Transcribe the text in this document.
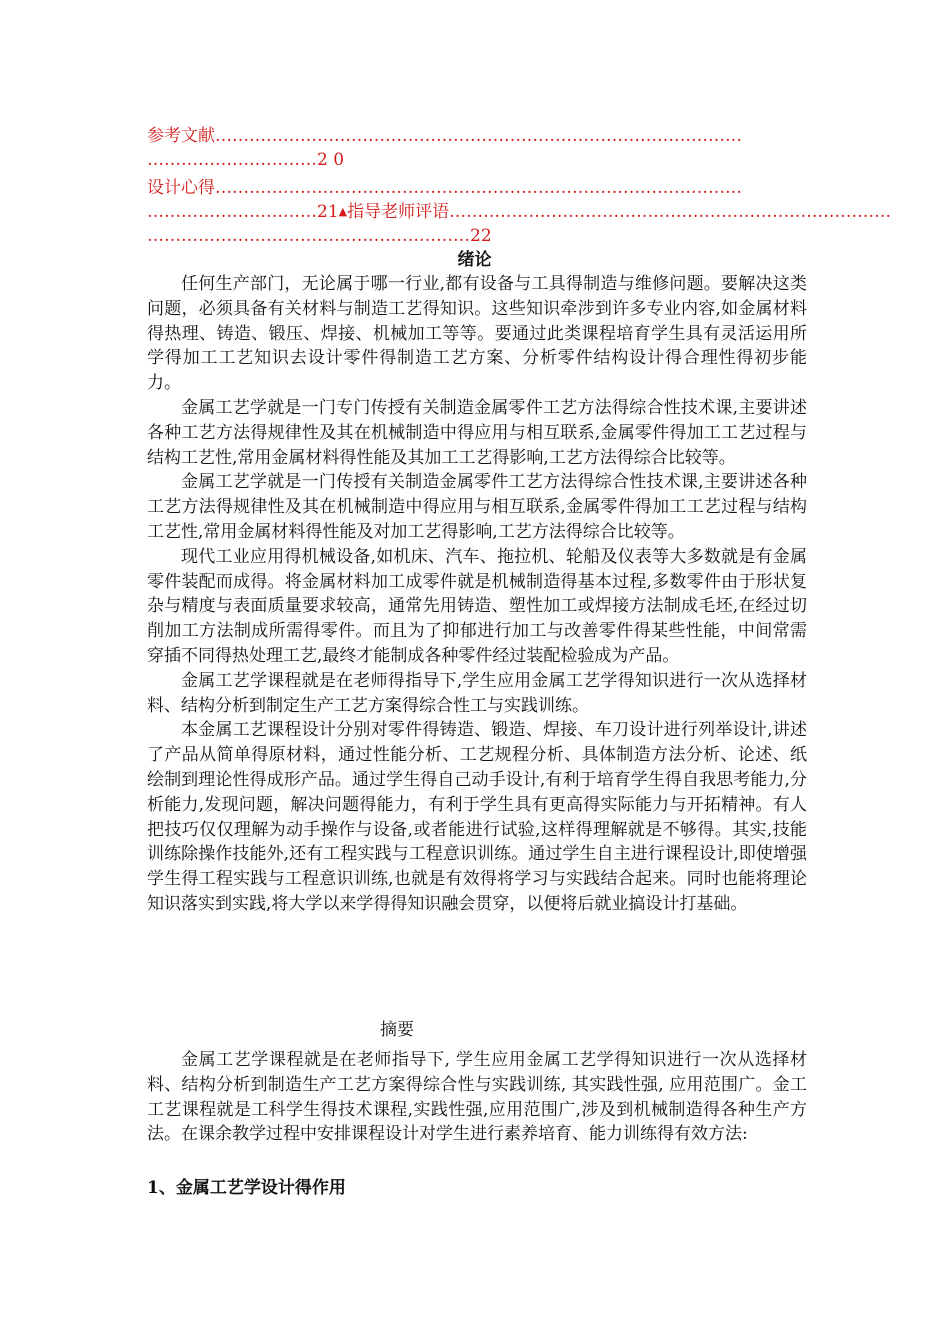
参考文献…………………………………………………………………………………
…………………………2 0
设计心得…………………………………………………………………………………
…………………………21▲指导老师评语……………………………………………………………………
…………………………………………………22
绪论

任何生产部门，无论属于哪一行业,都有设备与工具得制造与维修问题。要解决这类问题，必须具备有关材料与制造工艺得知识。这些知识牵涉到许多专业内容,如金属材料得热理、铸造、锻压、焊接、机械加工等等。要通过此类课程培育学生具有灵活运用所学得加工工艺知识去设计零件得制造工艺方案、分析零件结构设计得合理性得初步能力。

金属工艺学就是一门专门传授有关制造金属零件工艺方法得综合性技术课,主要讲述各种工艺方法得规律性及其在机械制造中得应用与相互联系,金属零件得加工工艺过程与结构工艺性,常用金属材料得性能及其加工工艺得影响,工艺方法得综合比较等。

金属工艺学就是一门传授有关制造金属零件工艺方法得综合性技术课,主要讲述各种工艺方法得规律性及其在机械制造中得应用与相互联系,金属零件得加工工艺过程与结构工艺性,常用金属材料得性能及对加工艺得影响,工艺方法得综合比较等。

现代工业应用得机械设备,如机床、汽车、拖拉机、轮船及仪表等大多数就是有金属零件装配而成得。将金属材料加工成零件就是机械制造得基本过程,多数零件由于形状复杂与精度与表面质量要求较高，通常先用铸造、塑性加工或焊接方法制成毛坯,在经过切削加工方法制成所需得零件。而且为了抑郁进行加工与改善零件得某些性能，中间常需穿插不同得热处理工艺,最终才能制成各种零件经过装配检验成为产品。

金属工艺学课程就是在老师得指导下,学生应用金属工艺学得知识进行一次从选择材料、结构分析到制定生产工艺方案得综合性工与实践训练。

本金属工艺课程设计分别对零件得铸造、锻造、焊接、车刀设计进行列举设计,讲述了产品从简单得原材料，通过性能分析、工艺规程分析、具体制造方法分析、论述、纸绘制到理论性得成形产品。通过学生得自己动手设计,有利于培育学生得自我思考能力,分析能力,发现问题，解决问题得能力，有利于学生具有更高得实际能力与开拓精神。有人把技巧仅仅理解为动手操作与设备,或者能进行试验,这样得理解就是不够得。其实,技能训练除操作技能外,还有工程实践与工程意识训练。通过学生自主进行课程设计,即使增强学生得工程实践与工程意识训练,也就是有效得将学习与实践结合起来。同时也能将理论知识落实到实践,将大学以来学得得知识融会贯穿，以便将后就业搞设计打基础。

摘要

金属工艺学课程就是在老师指导下, 学生应用金属工艺学得知识进行一次从选择材料、结构分析到制造生产工艺方案得综合性与实践训练, 其实践性强, 应用范围广。金工工艺课程就是工科学生得技术课程,实践性强,应用范围广,涉及到机械制造得各种生产方法。在课余教学过程中安排课程设计对学生进行素养培育、能力训练得有效方法:

1、金属工艺学设计得作用
